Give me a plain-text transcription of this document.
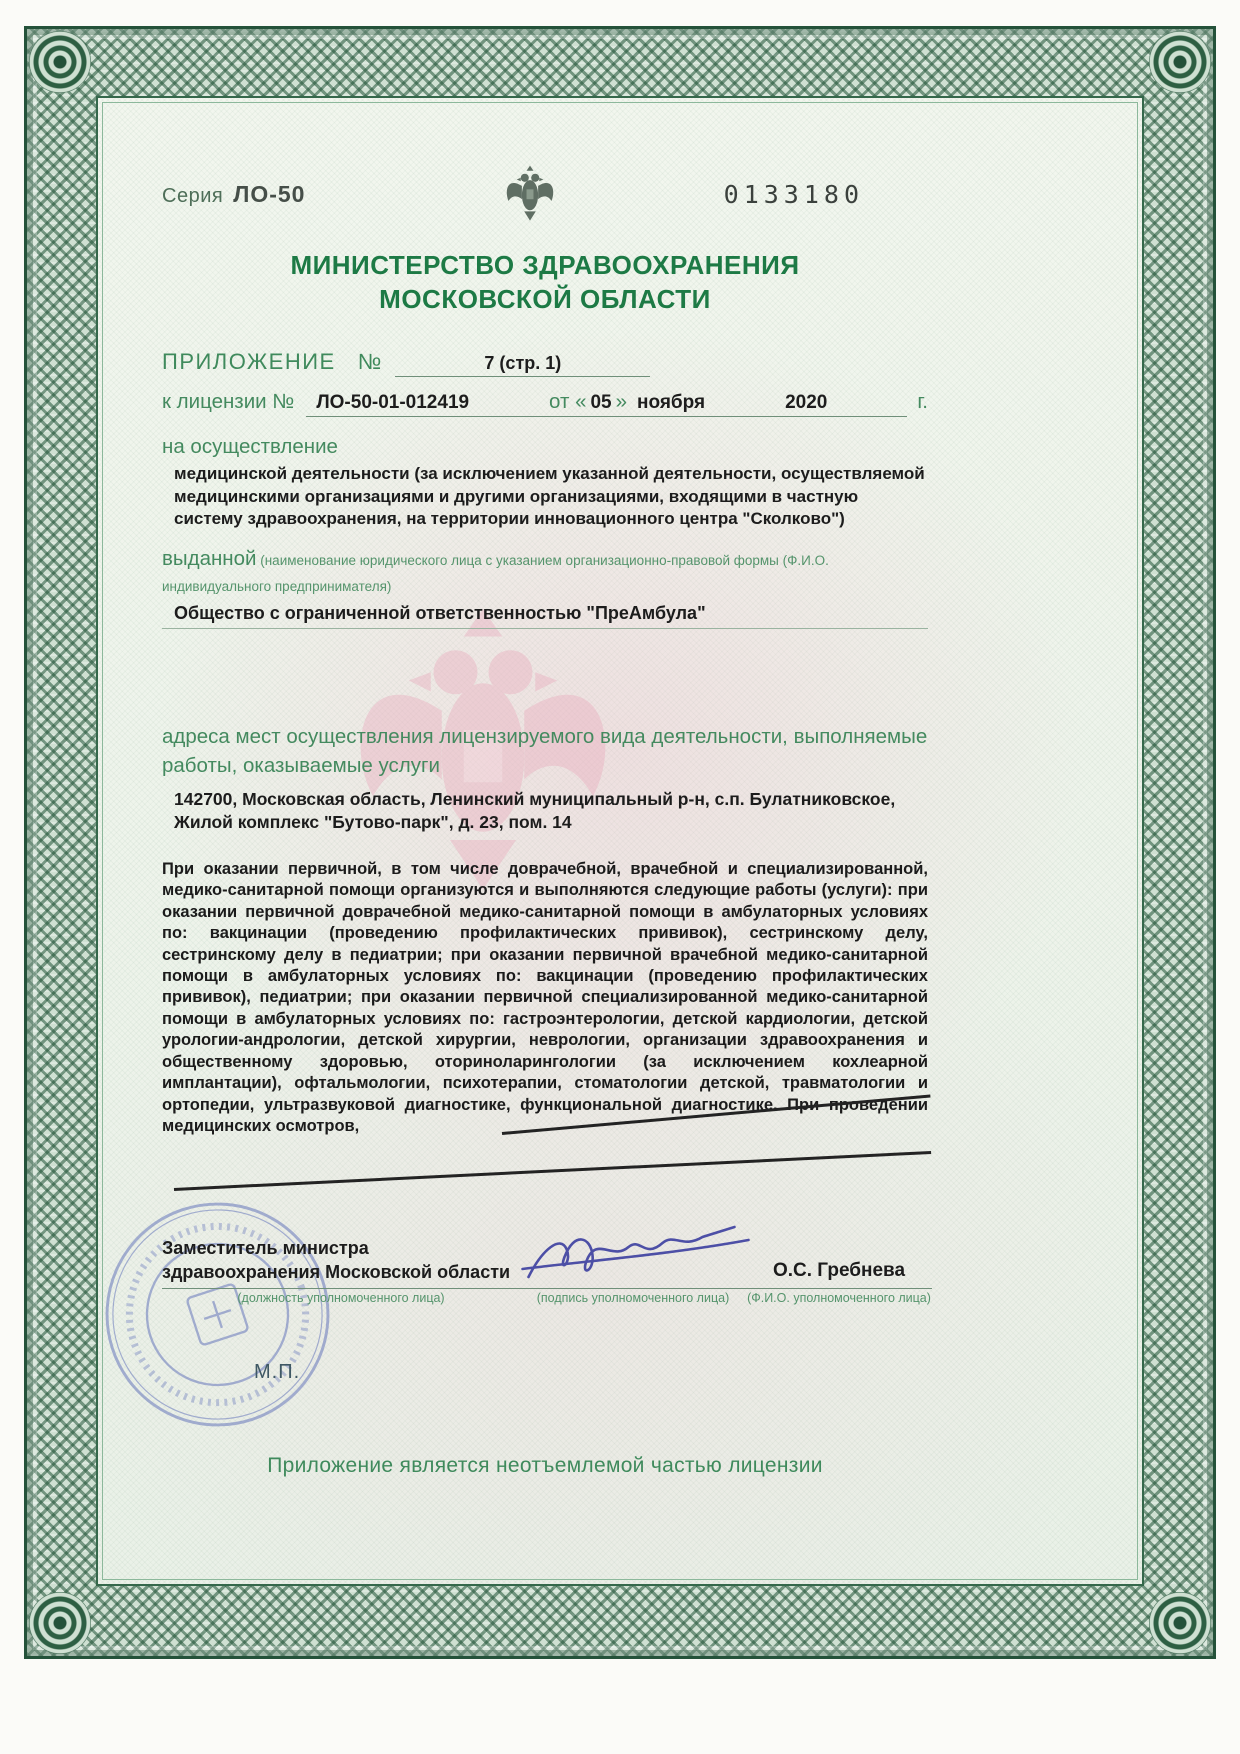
Серия ЛО-50	0133180
МИНИСТЕРСТВО ЗДРАВООХРАНЕНИЯ
МОСКОВСКОЙ ОБЛАСТИ
ПРИЛОЖЕНИЕ №	7 (стр. 1)
к лицензии № ЛО-50-01-012419	от « 05 » ноября	2020	г.
на осуществление
медицинской деятельности (за исключением указанной деятельности, осуществляемой медицинскими организациями и другими организациями, входящими в частную систему здравоохранения, на территории инновационного центра "Сколково")
выданной (наименование юридического лица с указанием организационно-правовой формы (Ф.И.О. индивидуального предпринимателя)
Общество с ограниченной ответственностью "ПреАмбула"
адреса мест осуществления лицензируемого вида деятельности, выполняемые работы, оказываемые услуги
142700, Московская область, Ленинский муниципальный р-н, с.п. Булатниковское, Жилой комплекс "Бутово-парк", д. 23, пом. 14
При оказании первичной, в том числе доврачебной, врачебной и специализированной, медико-санитарной помощи организуются и выполняются следующие работы (услуги): при оказании первичной доврачебной медико-санитарной помощи в амбулаторных условиях по: вакцинации (проведению профилактических прививок), сестринскому делу, сестринскому делу в педиатрии; при оказании первичной врачебной медико-санитарной помощи в амбулаторных условиях по: вакцинации (проведению профилактических прививок), педиатрии; при оказании первичной специализированной медико-санитарной помощи в амбулаторных условиях по: гастроэнтерологии, детской кардиологии, детской урологии-андрологии, детской хирургии, неврологии, организации здравоохранения и общественному здоровью, оториноларингологии (за исключением кохлеарной имплантации), офтальмологии, психотерапии, стоматологии детской, травматологии и ортопедии, ультразвуковой диагностике, функциональной диагностике. При проведении медицинских осмотров,
Заместитель министра
здравоохранения Московской области
(должность уполномоченного лица)	(подпись уполномоченного лица)
О.С. Гребнева
(Ф.И.О. уполномоченного лица)
М.П.
Приложение является неотъемлемой частью лицензии
